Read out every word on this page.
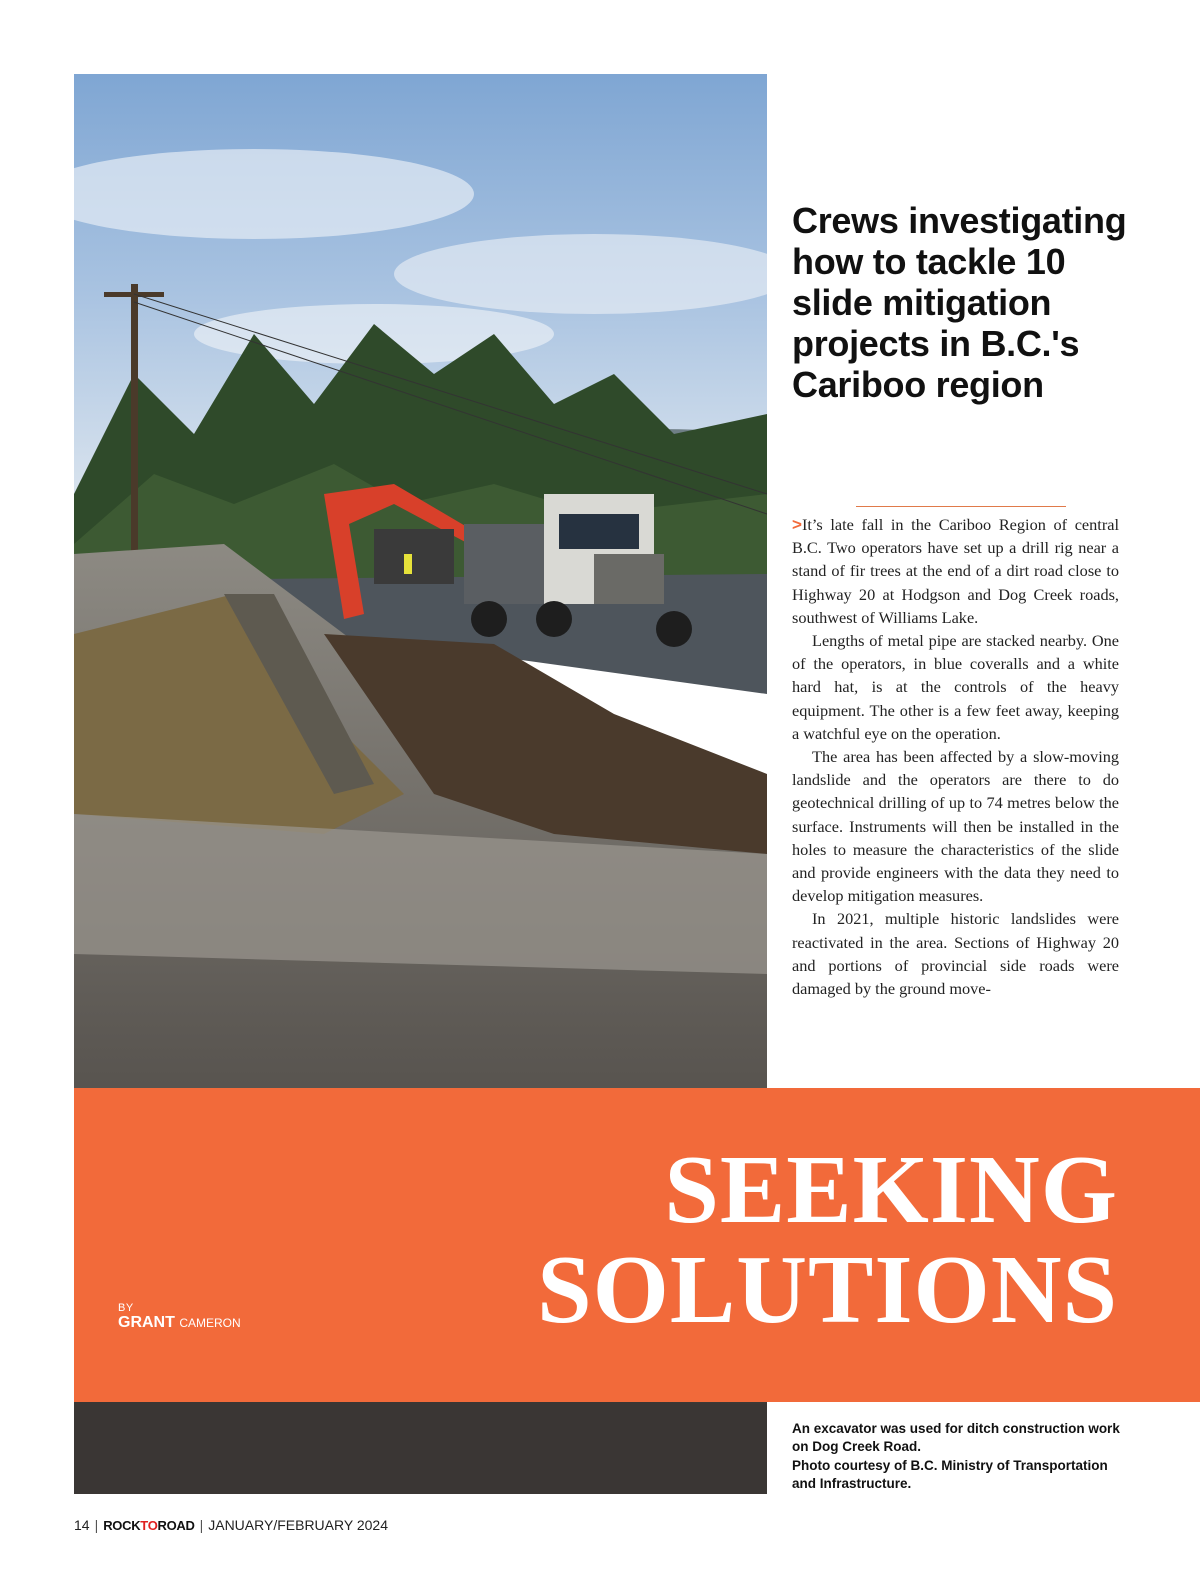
Crews investigating how to tackle 10 slide mitigation projects in B.C.'s Cariboo region

>It’s late fall in the Cariboo Region of central B.C. Two operators have set up a drill rig near a stand of fir trees at the end of a dirt road close to Highway 20 at Hodgson and Dog Creek roads, southwest of Williams Lake.

Lengths of metal pipe are stacked nearby. One of the operators, in blue coveralls and a white hard hat, is at the controls of the heavy equipment. The other is a few feet away, keeping a watchful eye on the operation.

The area has been affected by a slow-moving landslide and the operators are there to do geotechnical drilling of up to 74 metres below the surface. Instruments will then be installed in the holes to measure the characteristics of the slide and provide engineers with the data they need to develop mitigation measures.

In 2021, multiple historic landslides were reactivated in the area. Sections of Highway 20 and portions of provincial side roads were damaged by the ground move-

SEEKING
SOLUTIONS
BY
GRANT CAMERON
An excavator was used for ditch construction work on Dog Creek Road.
Photo courtesy of B.C. Ministry of Transportation and Infrastructure.
14 | ROCKTOROAD | JANUARY/FEBRUARY 2024
